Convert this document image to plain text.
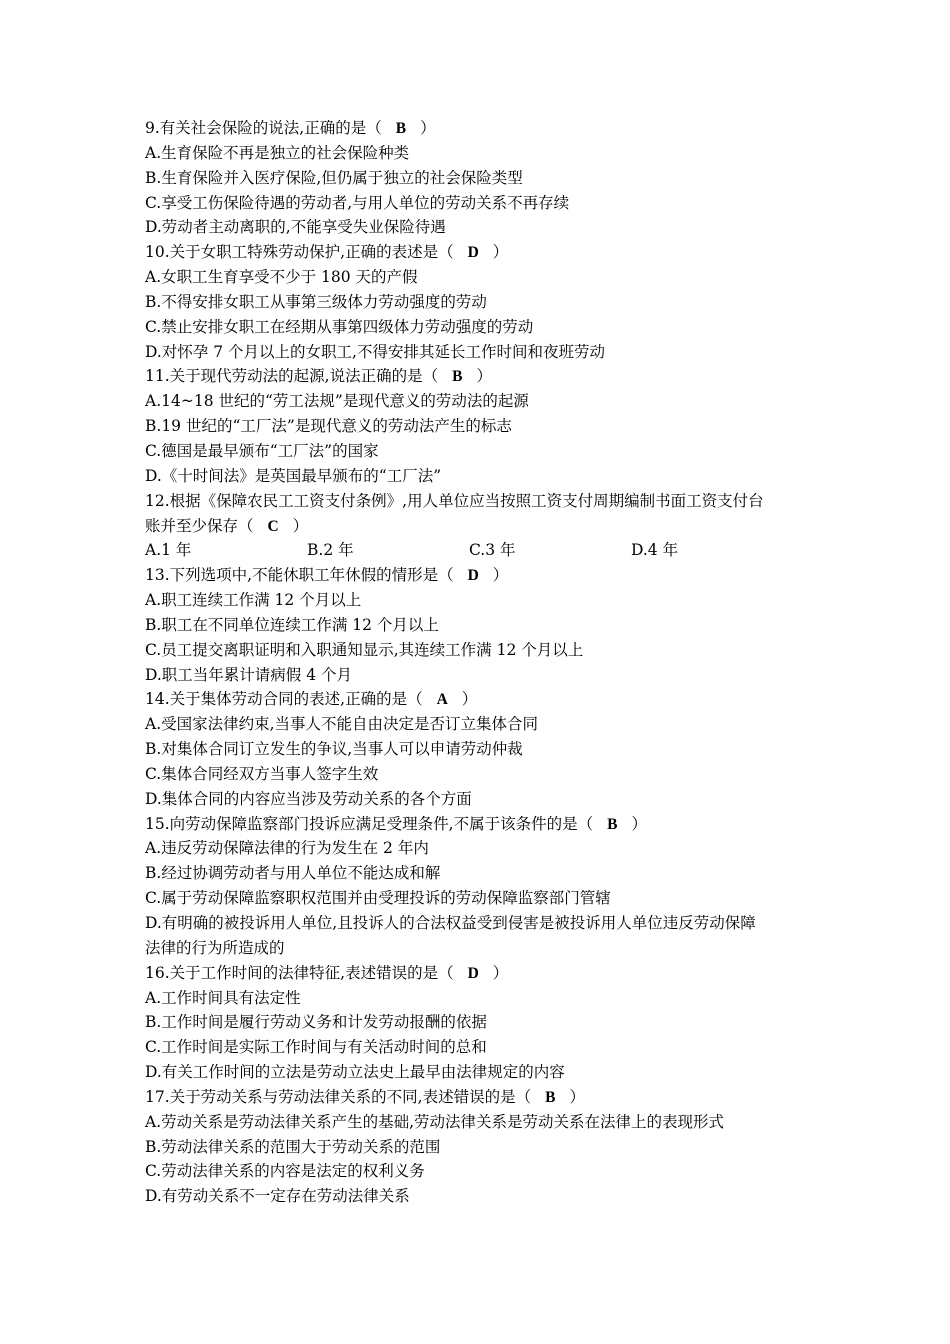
9.有关社会保险的说法,正确的是（ B ）
A.生育保险不再是独立的社会保险种类
B.生育保险并入医疗保险,但仍属于独立的社会保险类型
C.享受工伤保险待遇的劳动者,与用人单位的劳动关系不再存续
D.劳动者主动离职的,不能享受失业保险待遇
10.关于女职工特殊劳动保护,正确的表述是（ D ）
A.女职工生育享受不少于 180 天的产假
B.不得安排女职工从事第三级体力劳动强度的劳动
C.禁止安排女职工在经期从事第四级体力劳动强度的劳动
D.对怀孕 7 个月以上的女职工,不得安排其延长工作时间和夜班劳动
11.关于现代劳动法的起源,说法正确的是（ B ）
A.14~18 世纪的“劳工法规”是现代意义的劳动法的起源
B.19 世纪的“工厂法”是现代意义的劳动法产生的标志
C.德国是最早颁布“工厂法”的国家
D.《十时间法》是英国最早颁布的“工厂法”
12.根据《保障农民工工资支付条例》,用人单位应当按照工资支付周期编制书面工资支付台
账并至少保存（ C ）
A.1 年	B.2 年	C.3 年	D.4 年
13.下列选项中,不能休职工年休假的情形是（ D ）
A.职工连续工作满 12 个月以上
B.职工在不同单位连续工作满 12 个月以上
C.员工提交离职证明和入职通知显示,其连续工作满 12 个月以上
D.职工当年累计请病假 4 个月
14.关于集体劳动合同的表述,正确的是（ A ）
A.受国家法律约束,当事人不能自由决定是否订立集体合同
B.对集体合同订立发生的争议,当事人可以申请劳动仲裁
C.集体合同经双方当事人签字生效
D.集体合同的内容应当涉及劳动关系的各个方面
15.向劳动保障监察部门投诉应满足受理条件,不属于该条件的是（ B ）
A.违反劳动保障法律的行为发生在 2 年内
B.经过协调劳动者与用人单位不能达成和解
C.属于劳动保障监察职权范围并由受理投诉的劳动保障监察部门管辖
D.有明确的被投诉用人单位,且投诉人的合法权益受到侵害是被投诉用人单位违反劳动保障
法律的行为所造成的
16.关于工作时间的法律特征,表述错误的是（ D ）
A.工作时间具有法定性
B.工作时间是履行劳动义务和计发劳动报酬的依据
C.工作时间是实际工作时间与有关活动时间的总和
D.有关工作时间的立法是劳动立法史上最早由法律规定的内容
17.关于劳动关系与劳动法律关系的不同,表述错误的是（ B ）
A.劳动关系是劳动法律关系产生的基础,劳动法律关系是劳动关系在法律上的表现形式
B.劳动法律关系的范围大于劳动关系的范围
C.劳动法律关系的内容是法定的权利义务
D.有劳动关系不一定存在劳动法律关系
